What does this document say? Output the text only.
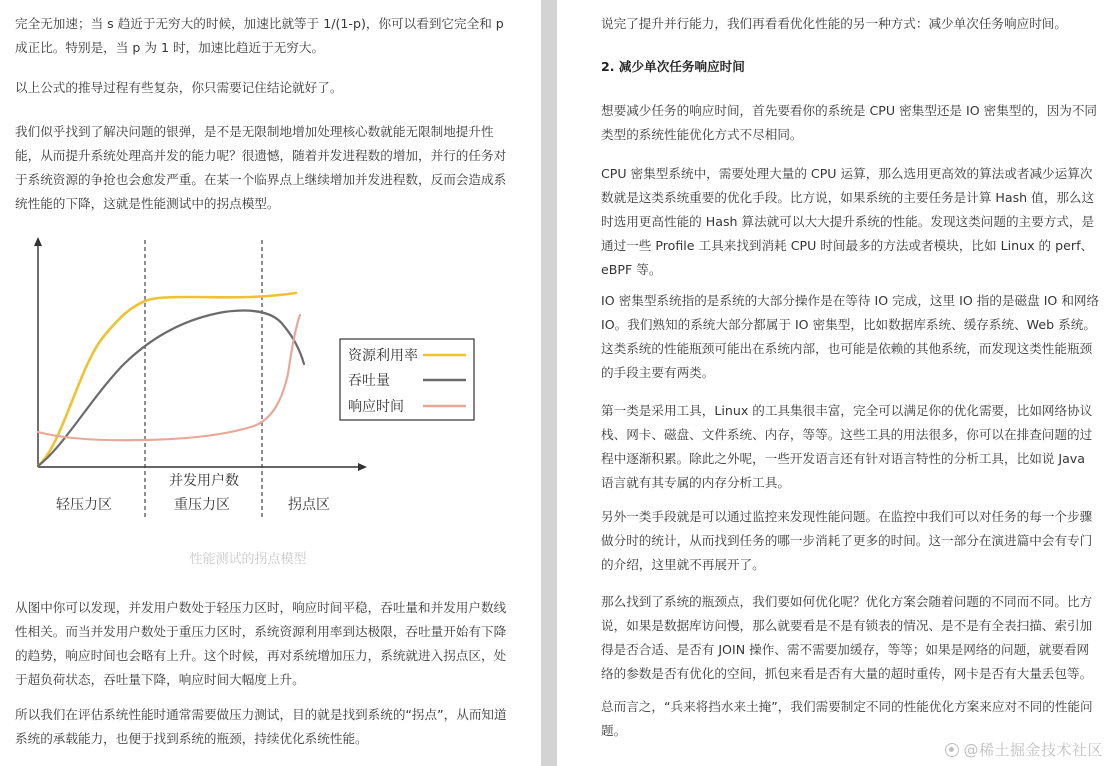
完全无加速；当 s 趋近于无穷大的时候，加速比就等于 1/(1-p)，你可以看到它完全和 p 成正比。特别是，当 p 为 1 时，加速比趋近于无穷大。

以上公式的推导过程有些复杂，你只需要记住结论就好了。

我们似乎找到了解决问题的银弹，是不是无限制地增加处理核心数就能无限制地提升性能，从而提升系统处理高并发的能力呢？很遗憾，随着并发进程数的增加，并行的任务对于系统资源的争抢也会愈发严重。在某一个临界点上继续增加并发进程数，反而会造成系统性能的下降，这就是性能测试中的拐点模型。

资源利用率
吞吐量
响应时间
并发用户数
轻压力区	重压力区	拐点区
性能测试的拐点模型

从图中你可以发现，并发用户数处于轻压力区时，响应时间平稳，吞吐量和并发用户数线性相关。而当并发用户数处于重压力区时，系统资源利用率到达极限，吞吐量开始有下降的趋势，响应时间也会略有上升。这个时候，再对系统增加压力，系统就进入拐点区，处于超负荷状态，吞吐量下降，响应时间大幅度上升。

所以我们在评估系统性能时通常需要做压力测试，目的就是找到系统的“拐点”，从而知道系统的承载能力，也便于找到系统的瓶颈，持续优化系统性能。

说完了提升并行能力，我们再看看优化性能的另一种方式：减少单次任务响应时间。

2. 减少单次任务响应时间

想要减少任务的响应时间，首先要看你的系统是 CPU 密集型还是 IO 密集型的，因为不同类型的系统性能优化方式不尽相同。

CPU 密集型系统中，需要处理大量的 CPU 运算，那么选用更高效的算法或者减少运算次数就是这类系统重要的优化手段。比方说，如果系统的主要任务是计算 Hash 值，那么这时选用更高性能的 Hash 算法就可以大大提升系统的性能。发现这类问题的主要方式，是通过一些 Profile 工具来找到消耗 CPU 时间最多的方法或者模块，比如 Linux 的 perf、eBPF 等。

IO 密集型系统指的是系统的大部分操作是在等待 IO 完成，这里 IO 指的是磁盘 IO 和网络 IO。我们熟知的系统大部分都属于 IO 密集型，比如数据库系统、缓存系统、Web 系统。这类系统的性能瓶颈可能出在系统内部，也可能是依赖的其他系统，而发现这类性能瓶颈的手段主要有两类。

第一类是采用工具，Linux 的工具集很丰富，完全可以满足你的优化需要，比如网络协议栈、网卡、磁盘、文件系统、内存，等等。这些工具的用法很多，你可以在排查问题的过程中逐渐积累。除此之外呢，一些开发语言还有针对语言特性的分析工具，比如说 Java 语言就有其专属的内存分析工具。

另外一类手段就是可以通过监控来发现性能问题。在监控中我们可以对任务的每一个步骤做分时的统计，从而找到任务的哪一步消耗了更多的时间。这一部分在演进篇中会有专门的介绍，这里就不再展开了。

那么找到了系统的瓶颈点，我们要如何优化呢？优化方案会随着问题的不同而不同。比方说，如果是数据库访问慢，那么就要看是不是有锁表的情况、是不是有全表扫描、索引加得是否合适、是否有 JOIN 操作、需不需要加缓存，等等；如果是网络的问题，就要看网络的参数是否有优化的空间，抓包来看是否有大量的超时重传，网卡是否有大量丢包等。

总而言之，“兵来将挡水来土掩”，我们需要制定不同的性能优化方案来应对不同的性能问题。

@稀土掘金技术社区
